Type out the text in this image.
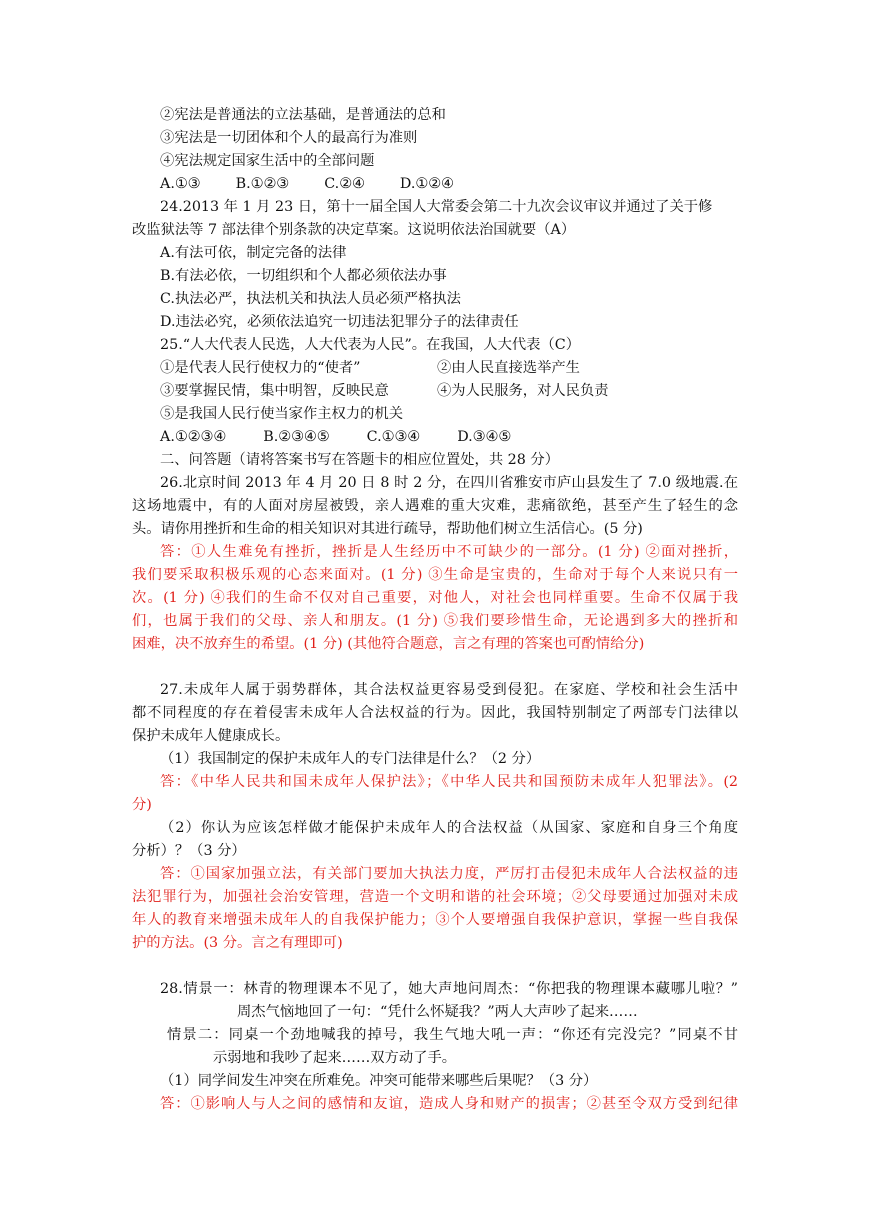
②宪法是普通法的立法基础，是普通法的总和
③宪法是一切团体和个人的最高行为准则
④宪法规定国家生活中的全部问题
A.①③ B.①②③ C.②④ D.①②④
24.2013 年 1 月 23 日，第十一届全国人大常委会第二十九次会议审议并通过了关于修
改监狱法等 7 部法律个别条款的决定草案。这说明依法治国就要（A）
A.有法可依，制定完备的法律
B.有法必依，一切组织和个人都必须依法办事
C.执法必严，执法机关和执法人员必须严格执法
D.违法必究，必须依法追究一切违法犯罪分子的法律责任
25.“人大代表人民选，人大代表为人民”。在我国，人大代表（C）
①是代表人民行使权力的“使者”	②由人民直接选举产生
③要掌握民情，集中明智，反映民意	④为人民服务，对人民负责
⑤是我国人民行使当家作主权力的机关
A.①②③④	B.②③④⑤	C.①③④	D.③④⑤
二、问答题（请将答案书写在答题卡的相应位置处，共 28 分）
26.北京时间 2013 年 4 月 20 日 8 时 2 分，在四川省雅安市庐山县发生了 7.0 级地震.在
这场地震中，有的人面对房屋被毁，亲人遇难的重大灾难，悲痛欲绝，甚至产生了轻生的念
头。请你用挫折和生命的相关知识对其进行疏导，帮助他们树立生活信心。(5 分)
答：①人生难免有挫折，挫折是人生经历中不可缺少的一部分。(1 分) ②面对挫折，
我们要采取积极乐观的心态来面对。(1 分) ③生命是宝贵的，生命对于每个人来说只有一
次。(1 分) ④我们的生命不仅对自己重要，对他人，对社会也同样重要。生命不仅属于我
们，也属于我们的父母、亲人和朋友。(1 分) ⑤我们要珍惜生命，无论遇到多大的挫折和
困难，决不放弃生的希望。(1 分) (其他符合题意，言之有理的答案也可酌情给分)
27.未成年人属于弱势群体，其合法权益更容易受到侵犯。在家庭、学校和社会生活中
都不同程度的存在着侵害未成年人合法权益的行为。因此，我国特别制定了两部专门法律以
保护未成年人健康成长。
（1）我国制定的保护未成年人的专门法律是什么？（2 分）
答：《中华人民共和国未成年人保护法》；《中华人民共和国预防未成年人犯罪法》。(2
分)
（2）你认为应该怎样做才能保护未成年人的合法权益（从国家、家庭和自身三个角度
分析）？（3 分）
答：①国家加强立法，有关部门要加大执法力度，严厉打击侵犯未成年人合法权益的违
法犯罪行为，加强社会治安管理，营造一个文明和谐的社会环境；②父母要通过加强对未成
年人的教育来增强未成年人的自我保护能力；③个人要增强自我保护意识，掌握一些自我保
护的方法。(3 分。言之有理即可)
28.情景一：林青的物理课本不见了，她大声地问周杰：“你把我的物理课本藏哪儿啦？”
周杰气恼地回了一句：“凭什么怀疑我？”两人大声吵了起来……
情景二：同桌一个劲地喊我的掉号，我生气地大吼一声：“你还有完没完？”同桌不甘
示弱地和我吵了起来……双方动了手。
（1）同学间发生冲突在所难免。冲突可能带来哪些后果呢？（3 分）
答：①影响人与人之间的感情和友谊，造成人身和财产的损害；②甚至令双方受到纪律
